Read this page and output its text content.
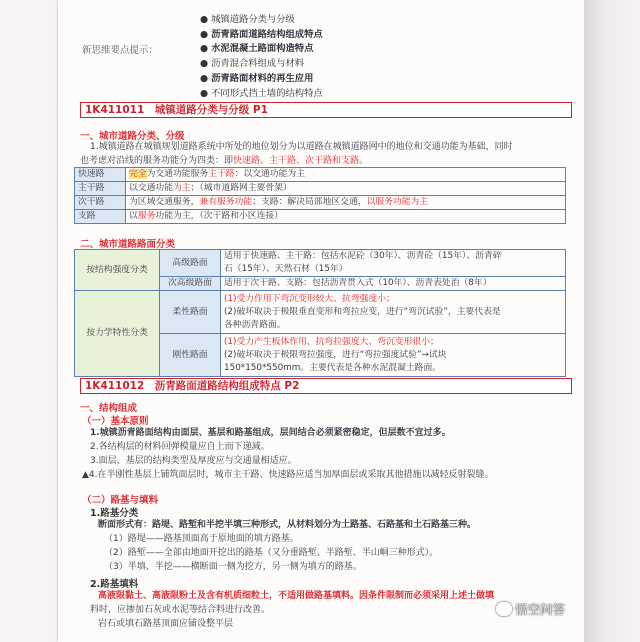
新思维要点提示：
● 城镇道路分类与分级
● 沥青路面道路结构组成特点
● 水泥混凝土路面构造特点
● 沥青混合料组成与材料
● 沥青路面材料的再生应用
● 不同形式挡土墙的结构特点
1K411011　城镇道路分类与分级 P1
一、城市道路分类、分级
1.城镇道路在城镇规划道路系统中所处的地位划分为以道路在城镇道路网中的地位和交通功能为基础，同时
也考虑对沿线的服务功能分为四类：即快速路、主干路、次干路和支路。
快速路	完全为交通功能服务主干路：以交通功能为主
主干路	以交通功能为主；（城市道路网主要骨架）
次干路	为区域交通服务，兼有服务功能；支路：解决局部地区交通，以服务功能为主
支路	以服务功能为主，（次干路和小区连接）
二、城市道路路面分类
按结构强度分类	高级路面	适用于快速路、主干路：包括水泥砼（30年）、沥青砼（15年）、沥青碎
石（15年）、天然石材（15年）

	次高级路面	适用于次干路、支路：包括沥青贯入式（10年）、沥青表处治（8年）
按力学特性分类	柔性路面	(1)受力作用下弯沉变形较大、抗弯强度小；
(2)破坏取决于极限垂直变形和弯拉应变，进行“弯沉试验”，主要代表是
各种沥青路面。

	刚性路面	(1)受力产生板体作用，抗弯拉强度大、弯沉变形很小；
(2)破坏取决于极限弯拉强度，进行“弯拉强度试验”→试块
150*150*550mm。主要代表是各种水泥混凝土路面。
1K411012　沥青路面道路结构组成特点 P2
一、结构组成
（一）基本原则
1.城镇沥青路面结构由面层、基层和路基组成，层间结合必须紧密稳定，但层数不宜过多。
2.各结构层的材料回弹模量应自上而下递减。
3.面层、基层的结构类型及厚度应与交通量相适应。
▲4.在半刚性基层上铺筑面层时，城市主干路、快速路应适当加厚面层或采取其他措施以减轻反射裂缝。
（二）路基与填料
1.路基分类
断面形式有：路堤、路堑和半挖半填三种形式，从材料划分为土路基、石路基和土石路基三种。
（1）路堤——路基顶面高于原地面的填方路基。
（2）路堑——全部由地面开挖出的路基（又分重路堑、半路堑、半山峒三种形式）。
（3）半填、半挖——横断面一侧为挖方，另一侧为填方的路基。
2.路基填料
高液限黏土、高液限粉土及含有机质细粒土，不适用做路基填料。因条件限制而必须采用上述土做填
料时，应掺加石灰或水泥等结合料进行改善。
岩石或填石路基顶面应铺设整平层
悟空问答
